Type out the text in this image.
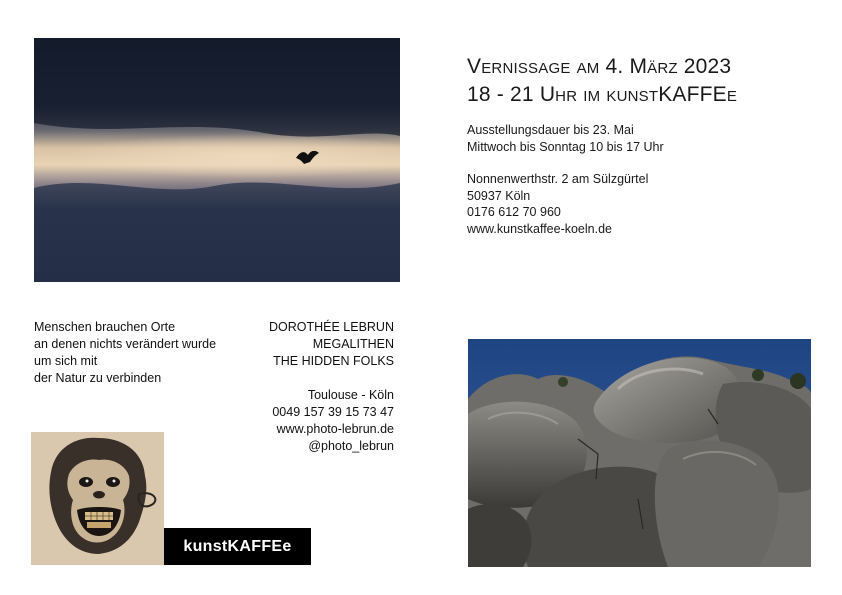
Vernissage am 4. März 2023
18 - 21 Uhr im kunstKAFFEe
Ausstellungsdauer bis 23. Mai
Mittwoch bis Sonntag 10 bis 17 Uhr
Nonnenwerthstr. 2 am Sülzgürtel
50937 Köln
0176 612 70 960
www.kunstkaffee-koeln.de
Menschen brauchen Orte
an denen nichts verändert wurde
um sich mit
der Natur zu verbinden
DOROTHÉE LEBRUN
MEGALITHEN
THE HIDDEN FOLKS
Toulouse - Köln
0049 157 39 15 73 47
www.photo-lebrun.de
@photo_lebrun
kunstKAFFEe
